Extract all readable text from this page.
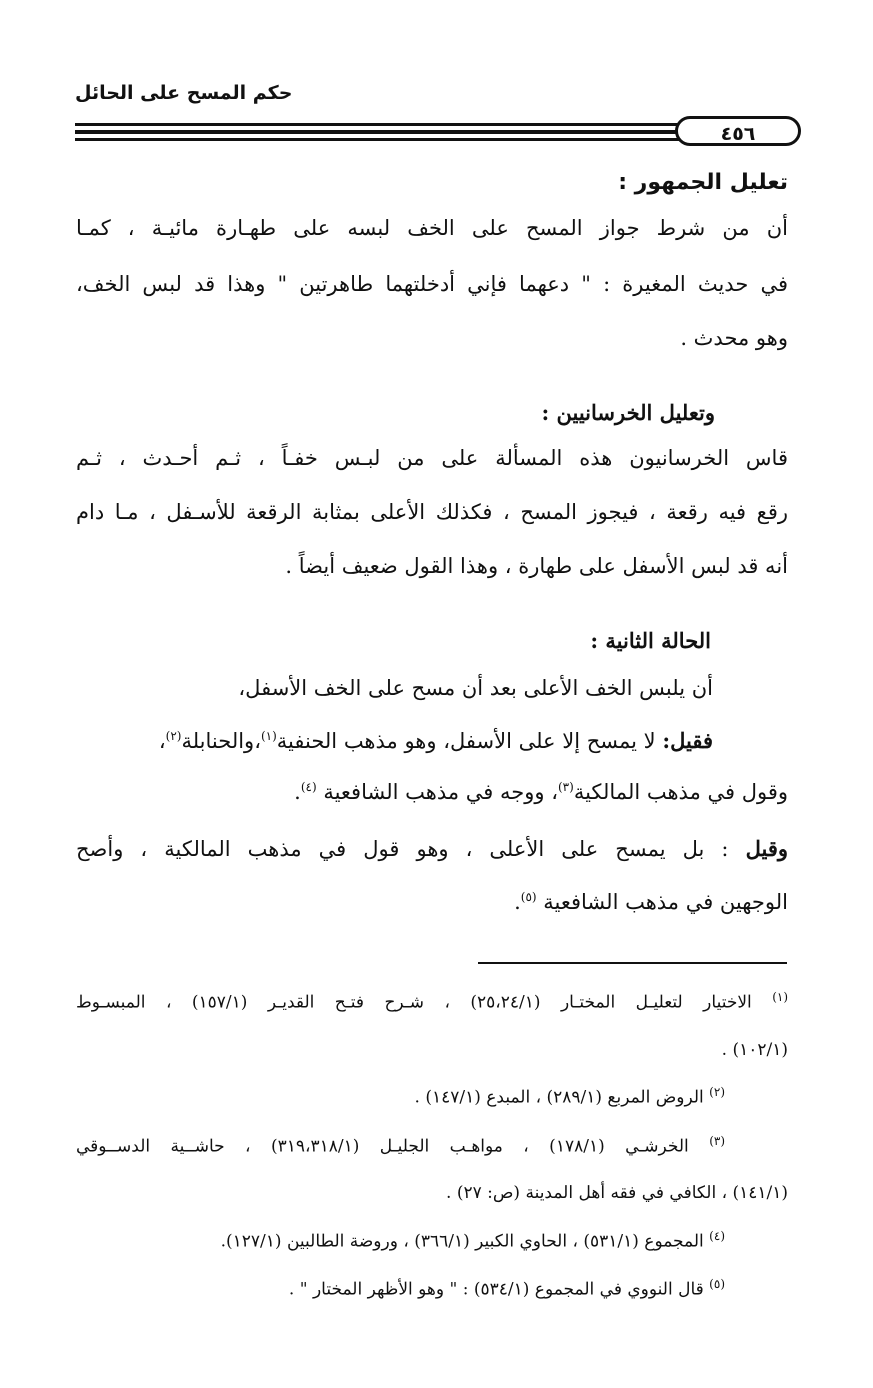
حكم المسح على الحائل
٤٥٦
تعليل الجمهور :
أن من شرط جواز المسح على الخف لبسه على طهـارة مائيـة ، كمـا
في حديث المغيرة : " دعهما فإني أدخلتهما طاهرتين " وهذا قد لبس الخف،
وهو محدث .
وتعليل الخرسانيين :
قاس الخرسانيون هذه المسألة على من لبـس خفـاً ، ثـم أحـدث ، ثـم
رقع فيه رقعة ، فيجوز المسح ، فكذلك الأعلى بمثابة الرقعة للأسـفل ، مـا دام
أنه قد لبس الأسفل على طهارة ، وهذا القول ضعيف أيضاً .
الحالة الثانية :
أن يلبس الخف الأعلى بعد أن مسح على الخف الأسفل،
فقيل: لا يمسح إلا على الأسفل، وهو مذهب الحنفية$^{(١)}$،والحنابلة$^{(٢)}$،
وقول في مذهب المالكية$^{(٣)}$، ووجه في مذهب الشافعية $^{(٤)}$.
وقيل : بل يمسح على الأعلى ، وهو قول في مذهب المالكية ، وأصح
الوجهين في مذهب الشافعية $^{(٥)}$.
$^{(١)}$ الاختيار لتعليـل المختـار (٢٥،٢٤/١) ، شـرح فتـح القديـر (١٥٧/١) ، المبسـوط
(١٠٢/١) .
$^{(٢)}$ الروض المربع (٢٨٩/١) ، المبدع (١٤٧/١) .
$^{(٣)}$ الخرشـي (١٧٨/١) ، مواهـب الجليـل (٣١٩،٣١٨/١) ، حاشــية الدســوقي
(١٤١/١) ، الكافي في فقه أهل المدينة (ص: ٢٧) .
$^{(٤)}$ المجموع (٥٣١/١) ، الحاوي الكبير (٣٦٦/١) ، وروضة الطالبين (١٢٧/١).
$^{(٥)}$ قال النووي في المجموع (٥٣٤/١) : " وهو الأظهر المختار " .
